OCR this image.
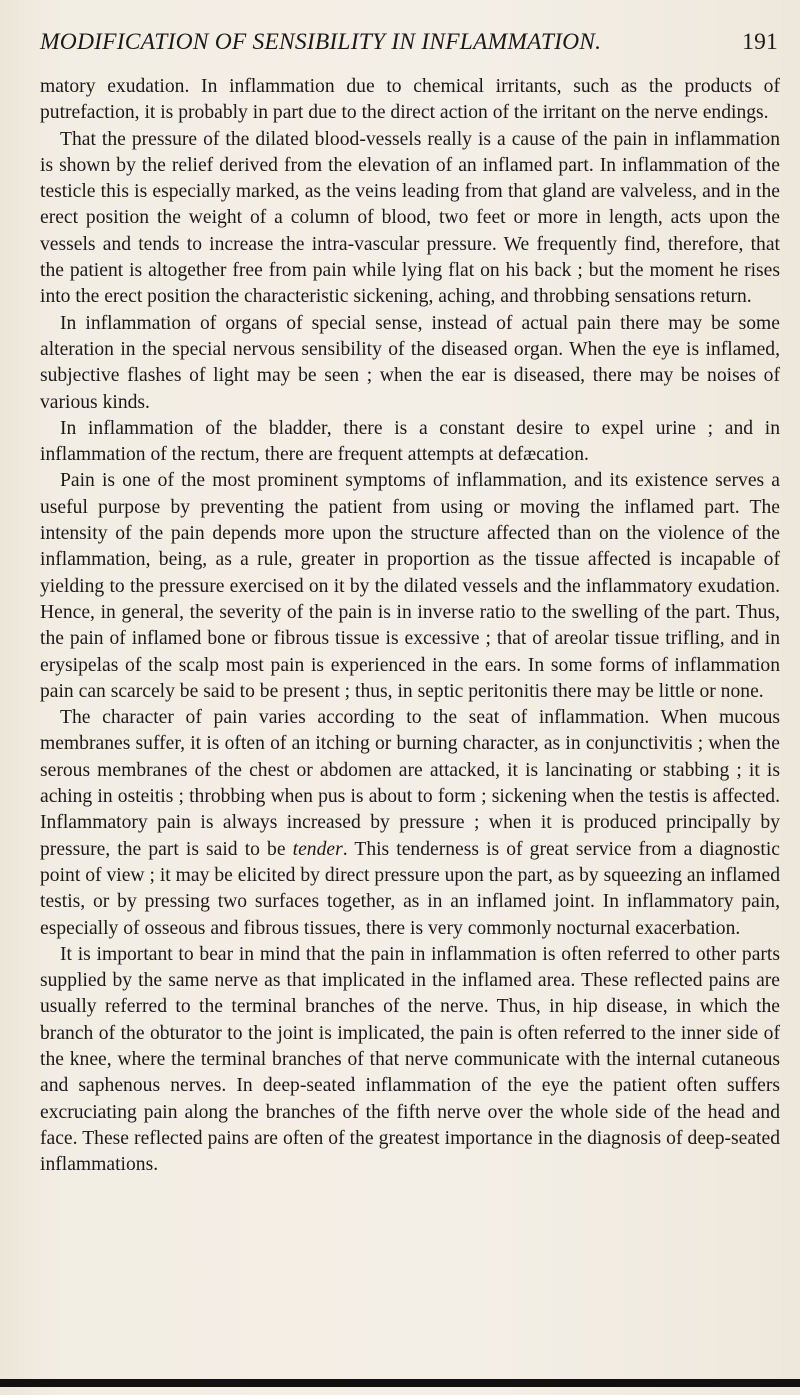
MODIFICATION OF SENSIBILITY IN INFLAMMATION.	191

matory exudation. In inflammation due to chemical irritants, such as the products of putrefaction, it is probably in part due to the direct action of the irritant on the nerve endings.

That the pressure of the dilated blood-vessels really is a cause of the pain in inflammation is shown by the relief derived from the elevation of an inflamed part. In inflammation of the testicle this is especially marked, as the veins leading from that gland are valveless, and in the erect position the weight of a column of blood, two feet or more in length, acts upon the vessels and tends to increase the intra-vascular pressure. We frequently find, therefore, that the patient is altogether free from pain while lying flat on his back ; but the moment he rises into the erect position the characteristic sickening, aching, and throbbing sensations return.

In inflammation of organs of special sense, instead of actual pain there may be some alteration in the special nervous sensibility of the diseased organ. When the eye is inflamed, subjective flashes of light may be seen ; when the ear is diseased, there may be noises of various kinds.

In inflammation of the bladder, there is a constant desire to expel urine ; and in inflammation of the rectum, there are frequent attempts at defæcation.

Pain is one of the most prominent symptoms of inflammation, and its existence serves a useful purpose by preventing the patient from using or moving the inflamed part. The intensity of the pain depends more upon the structure affected than on the violence of the inflammation, being, as a rule, greater in proportion as the tissue affected is incapable of yielding to the pressure exercised on it by the dilated vessels and the inflammatory exudation. Hence, in general, the severity of the pain is in inverse ratio to the swelling of the part. Thus, the pain of inflamed bone or fibrous tissue is excessive ; that of areolar tissue trifling, and in erysipelas of the scalp most pain is experienced in the ears. In some forms of inflammation pain can scarcely be said to be present ; thus, in septic peritonitis there may be little or none.

The character of pain varies according to the seat of inflammation. When mucous membranes suffer, it is often of an itching or burning character, as in conjunctivitis ; when the serous membranes of the chest or abdomen are attacked, it is lancinating or stabbing ; it is aching in osteitis ; throbbing when pus is about to form ; sickening when the testis is affected. Inflammatory pain is always increased by pressure ; when it is produced principally by pressure, the part is said to be tender. This tenderness is of great service from a diagnostic point of view ; it may be elicited by direct pressure upon the part, as by squeezing an inflamed testis, or by pressing two surfaces together, as in an inflamed joint. In inflammatory pain, especially of osseous and fibrous tissues, there is very commonly nocturnal exacerbation.

It is important to bear in mind that the pain in inflammation is often referred to other parts supplied by the same nerve as that implicated in the inflamed area. These reflected pains are usually referred to the terminal branches of the nerve. Thus, in hip disease, in which the branch of the obturator to the joint is implicated, the pain is often referred to the inner side of the knee, where the terminal branches of that nerve communicate with the internal cutaneous and saphenous nerves. In deep-seated inflammation of the eye the patient often suffers excruciating pain along the branches of the fifth nerve over the whole side of the head and face. These reflected pains are often of the greatest importance in the diagnosis of deep-seated inflammations.
